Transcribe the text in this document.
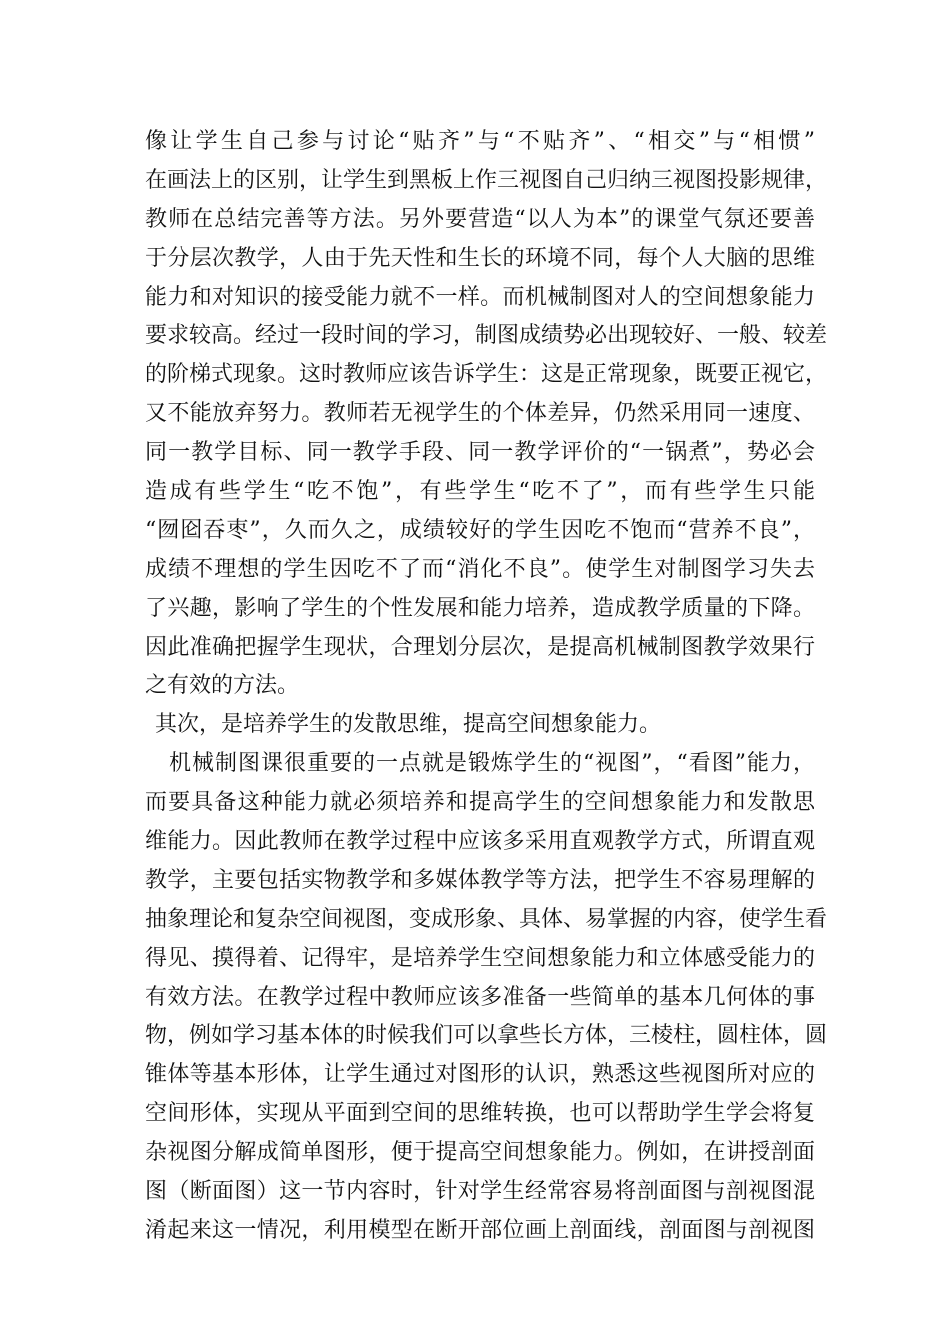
像让学生自己参与讨论“贴齐”与“不贴齐”、“相交”与“相惯”
在画法上的区别，让学生到黑板上作三视图自己归纳三视图投影规律，
教师在总结完善等方法。另外要营造“以人为本”的课堂气氛还要善
于分层次教学，人由于先天性和生长的环境不同，每个人大脑的思维
能力和对知识的接受能力就不一样。而机械制图对人的空间想象能力
要求较高。经过一段时间的学习，制图成绩势必出现较好、一般、较差
的阶梯式现象。这时教师应该告诉学生：这是正常现象，既要正视它，
又不能放弃努力。教师若无视学生的个体差异，仍然采用同一速度、
同一教学目标、同一教学手段、同一教学评价的“一锅煮”，势必会
造成有些学生“吃不饱”，有些学生“吃不了”，而有些学生只能
“囫囵吞枣”，久而久之，成绩较好的学生因吃不饱而“营养不良”，
成绩不理想的学生因吃不了而“消化不良”。使学生对制图学习失去
了兴趣，影响了学生的个性发展和能力培养，造成教学质量的下降。
因此准确把握学生现状，合理划分层次，是提高机械制图教学效果行
之有效的方法。
其次，是培养学生的发散思维，提高空间想象能力。
机械制图课很重要的一点就是锻炼学生的“视图”，“看图”能力，
而要具备这种能力就必须培养和提高学生的空间想象能力和发散思
维能力。因此教师在教学过程中应该多采用直观教学方式，所谓直观
教学，主要包括实物教学和多媒体教学等方法，把学生不容易理解的
抽象理论和复杂空间视图，变成形象、具体、易掌握的内容，使学生看
得见、摸得着、记得牢，是培养学生空间想象能力和立体感受能力的
有效方法。在教学过程中教师应该多准备一些简单的基本几何体的事
物，例如学习基本体的时候我们可以拿些长方体，三棱柱，圆柱体，圆
锥体等基本形体，让学生通过对图形的认识，熟悉这些视图所对应的
空间形体，实现从平面到空间的思维转换，也可以帮助学生学会将复
杂视图分解成简单图形，便于提高空间想象能力。例如，在讲授剖面
图（断面图）这一节内容时，针对学生经常容易将剖面图与剖视图混
淆起来这一情况，利用模型在断开部位画上剖面线，剖面图与剖视图
